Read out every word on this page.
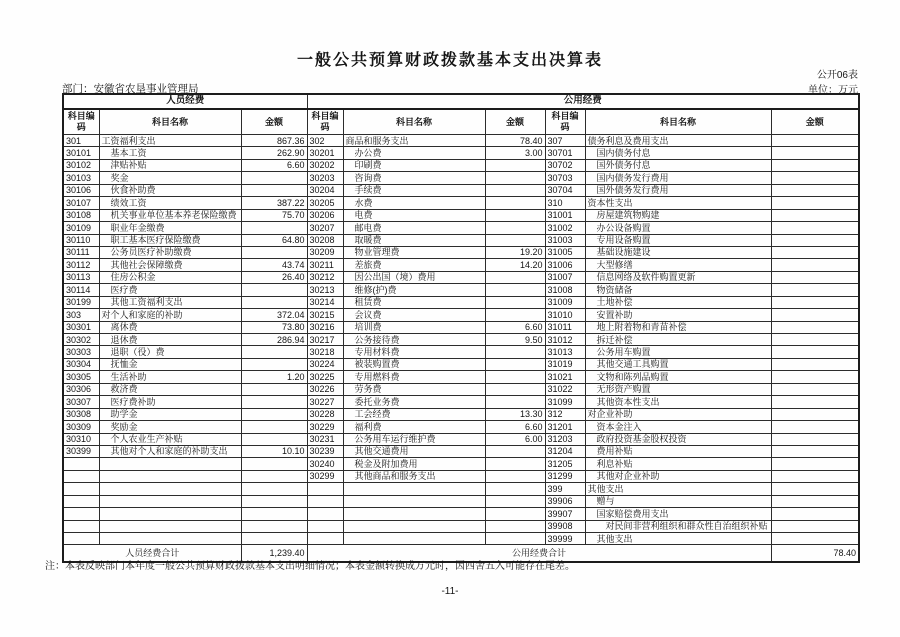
一般公共预算财政拨款基本支出决算表
公开06表
部门：安徽省农垦事业管理局	单位：万元
人员经费			公用经费					
科目编码	科目名称	金额	科目编码	科目名称	金额	科目编码	科目名称	金额
301	工资福利支出	867.36	302	商品和服务支出	78.40	307	债务利息及费用支出	
30101	　基本工资	262.90	30201	　办公费	3.00	30701	　国内债务付息	
30102	　津贴补贴	6.60	30202	　印刷费		30702	　国外债务付息	
30103	　奖金		30203	　咨询费		30703	　国内债务发行费用	
30106	　伙食补助费		30204	　手续费		30704	　国外债务发行费用	
30107	　绩效工资	387.22	30205	　水费		310	资本性支出	
30108	　机关事业单位基本养老保险缴费	75.70	30206	　电费		31001	　房屋建筑物购建	
30109	　职业年金缴费		30207	　邮电费		31002	　办公设备购置	
30110	　职工基本医疗保险缴费	64.80	30208	　取暖费		31003	　专用设备购置	
30111	　公务员医疗补助缴费		30209	　物业管理费	19.20	31005	　基础设施建设	
30112	　其他社会保障缴费	43.74	30211	　差旅费	14.20	31006	　大型修缮	
30113	　住房公积金	26.40	30212	　因公出国（境）费用		31007	　信息网络及软件购置更新	
30114	　医疗费		30213	　维修(护)费		31008	　物资储备	
30199	　其他工资福利支出		30214	　租赁费		31009	　土地补偿	
303	对个人和家庭的补助	372.04	30215	　会议费		31010	　安置补助	
30301	　离休费	73.80	30216	　培训费	6.60	31011	　地上附着物和青苗补偿	
30302	　退休费	286.94	30217	　公务接待费	9.50	31012	　拆迁补偿	
30303	　退职（役）费		30218	　专用材料费		31013	　公务用车购置	
30304	　抚恤金		30224	　被装购置费		31019	　其他交通工具购置	
30305	　生活补助	1.20	30225	　专用燃料费		31021	　文物和陈列品购置	
30306	　救济费		30226	　劳务费		31022	　无形资产购置	
30307	　医疗费补助		30227	　委托业务费		31099	　其他资本性支出	
30308	　助学金		30228	　工会经费	13.30	312	对企业补助	
30309	　奖励金		30229	　福利费	6.60	31201	　资本金注入	
30310	　个人农业生产补贴		30231	　公务用车运行维护费	6.00	31203	　政府投资基金股权投资	
30399	　其他对个人和家庭的补助支出	10.10	30239	　其他交通费用		31204	　费用补贴	
			30240	　税金及附加费用		31205	　利息补贴	
			30299	　其他商品和服务支出		31299	　其他对企业补助	
						399	其他支出	
						39906	　赠与	
						39907	　国家赔偿费用支出	
						39908	　　对民间非营利组织和群众性自治组织补贴	
						39999	　其他支出	
人员经费合计		1,239.40	公用经费合计					78.40
注：本表反映部门本年度一般公共预算财政拨款基本支出明细情况；本表金额转换成万元时，因四舍五入可能存在尾差。
-11-
